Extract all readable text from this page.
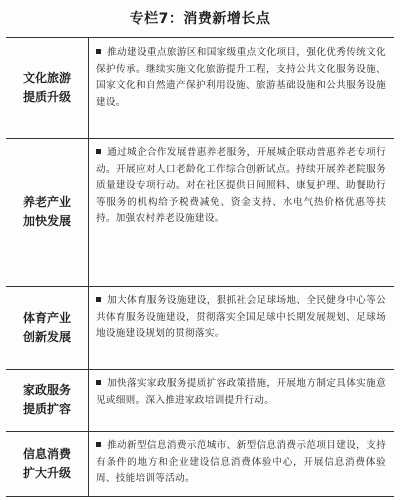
专栏7：消费新增长点
文化旅游
提质升级
推动建设重点旅游区和国家级重点文化项目，强化优秀传统文化保护传承。继续实施文化旅游提升工程，支持公共文化服务设施、国家文化和自然遗产保护利用设施、旅游基础设施和公共服务设施建设。
养老产业
加快发展
通过城企合作发展普惠养老服务，开展城企联动普惠养老专项行动。开展应对人口老龄化工作综合创新试点。持续开展养老院服务质量建设专项行动。对在社区提供日间照料、康复护理、助餐助行等服务的机构给予税费减免、资金支持、水电气热价格优惠等扶持。加强农村养老设施建设。
体育产业
创新发展
加大体育服务设施建设，狠抓社会足球场地、全民健身中心等公共体育服务设施建设，贯彻落实全国足球中长期发展规划、足球场地设施建设规划的贯彻落实。
家政服务
提质扩容
加快落实家政服务提质扩容政策措施，开展地方制定具体实施意见或细则。深入推进家政培训提升行动。
信息消费
扩大升级
推动新型信息消费示范城市、新型信息消费示范项目建设，支持有条件的地方和企业建设信息消费体验中心，开展信息消费体验周、技能培训等活动。
